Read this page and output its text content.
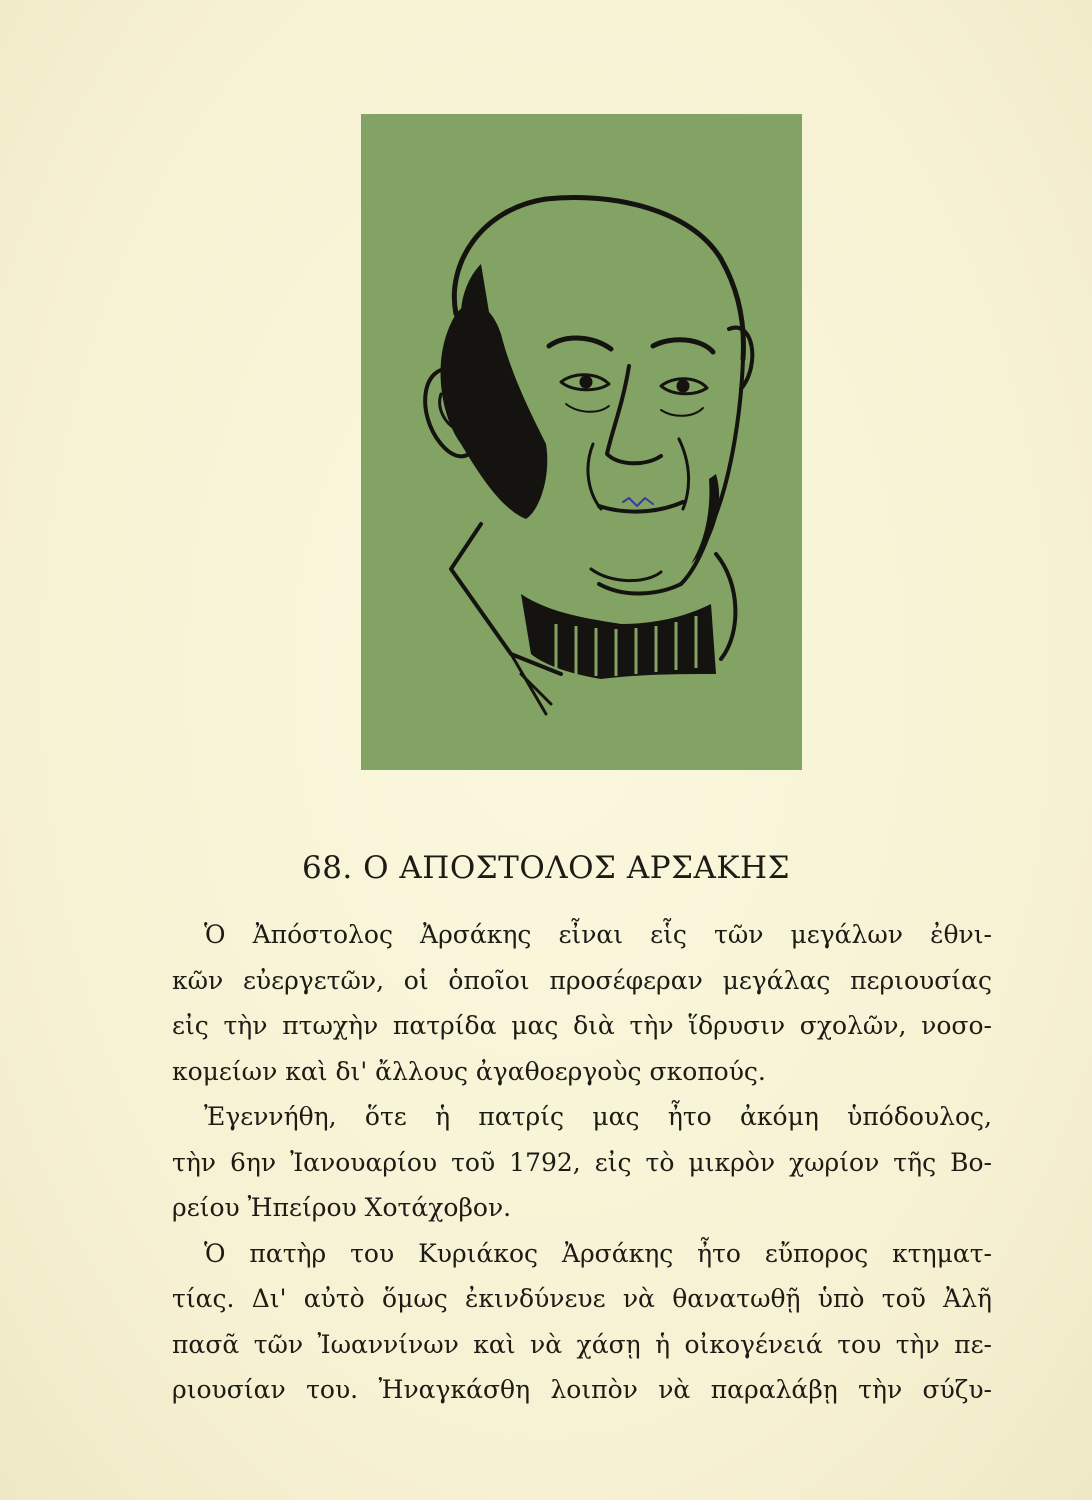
68. Ο ΑΠΟΣΤΟΛΟΣ ΑΡΣΑΚΗΣ
Ὁ Ἀπόστολος Ἀρσάκης εἶναι εἷς τῶν μεγάλων ἐθνι-
κῶν εὐεργετῶν, οἱ ὁποῖοι προσέφεραν μεγάλας περιουσίας
εἰς τὴν πτωχὴν πατρίδα μας διὰ τὴν ἵδρυσιν σχολῶν, νοσο-
κομείων καὶ δι' ἄλλους ἀγαθοεργοὺς σκοπούς.
Ἐγεννήθη, ὅτε ἡ πατρίς μας ἦτο ἀκόμη ὑπόδουλος,
τὴν 6ην Ἰανουαρίου τοῦ 1792, εἰς τὸ μικρὸν χωρίον τῆς Βο-
ρείου Ἠπείρου Χοτάχοβον.
Ὁ πατὴρ του Κυριάκος Ἀρσάκης ἦτο εὔπορος κτηματ-
τίας. Δι' αὐτὸ ὅμως ἐκινδύνευε νὰ θανατωθῇ ὑπὸ τοῦ Ἀλῆ
πασᾶ τῶν Ἰωαννίνων καὶ νὰ χάσῃ ἡ οἰκογένειά του τὴν πε-
ριουσίαν του. Ἠναγκάσθη λοιπὸν νὰ παραλάβῃ τὴν σύζυ-
